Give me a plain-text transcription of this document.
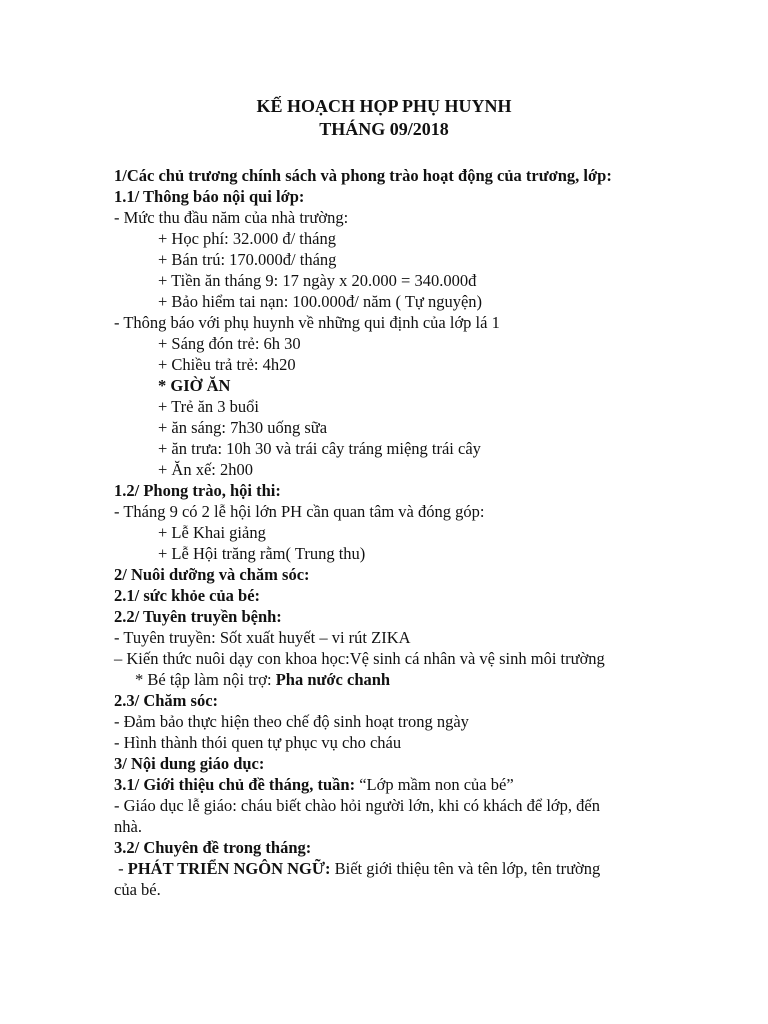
KẾ HOẠCH HỌP PHỤ HUYNH
THÁNG 09/2018
1/Các chủ trương chính sách và phong trào hoạt động của trương, lớp:
1.1/ Thông báo nội qui lớp:
- Mức thu đầu năm của nhà trường:
+ Học phí: 32.000 đ/ tháng
+ Bán trú: 170.000đ/ tháng
+ Tiền ăn tháng 9: 17 ngày x 20.000 = 340.000đ
+ Bảo hiểm tai nạn: 100.000đ/ năm ( Tự nguyện)
- Thông báo với phụ huynh về những qui định của lớp lá 1
+ Sáng đón trẻ: 6h 30
+ Chiều trả trẻ: 4h20
* GIỜ ĂN
+ Trẻ ăn 3 buổi
+ ăn sáng: 7h30 uống sữa
+ ăn trưa: 10h 30 và trái cây tráng miệng trái cây
+ Ăn xế: 2h00
1.2/ Phong trào, hội thi:
- Tháng 9 có 2 lễ hội lớn PH cần quan tâm và đóng góp:
+ Lễ Khai giảng
+ Lễ Hội trăng rằm( Trung thu)
2/ Nuôi dưỡng và chăm sóc:
2.1/ sức khỏe của bé:
2.2/ Tuyên truyền bệnh:
- Tuyên truyền: Sốt xuất huyết – vi rút ZIKA
– Kiến thức nuôi dạy con khoa học:Vệ sinh cá nhân và vệ sinh môi trường
* Bé tập làm nội trợ: Pha nước chanh
2.3/ Chăm sóc:
- Đảm bảo thực hiện theo chế độ sinh hoạt trong ngày
- Hình thành thói quen tự phục vụ cho cháu
3/ Nội dung giáo dục:
3.1/ Giới thiệu chủ đề tháng, tuần: “Lớp mầm non của bé”
- Giáo dục lễ giáo: cháu biết chào hỏi người lớn, khi có khách để lớp, đến
nhà.
3.2/ Chuyên đề trong tháng:
- PHÁT TRIỂN NGÔN NGỮ: Biết giới thiệu tên và tên lớp, tên trường
của bé.
